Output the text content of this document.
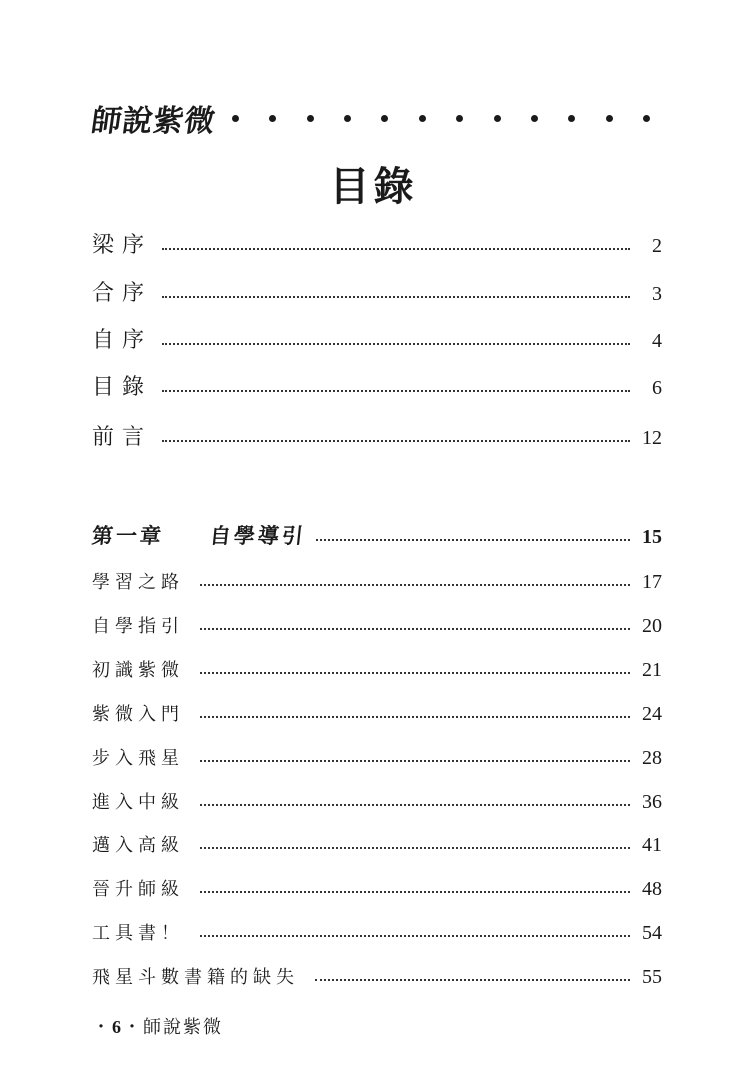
師說紫微
目錄
梁序	2
合序	3
自序	4
目錄	6
前言	12
第一章 自學導引	15
學習之路	17
自學指引	20
初識紫微	21
紫微入門	24
步入飛星	28
進入中級	36
邁入高級	41
晉升師級	48
工具書！	54
飛星斗數書籍的缺失	55
・6・師說紫微
